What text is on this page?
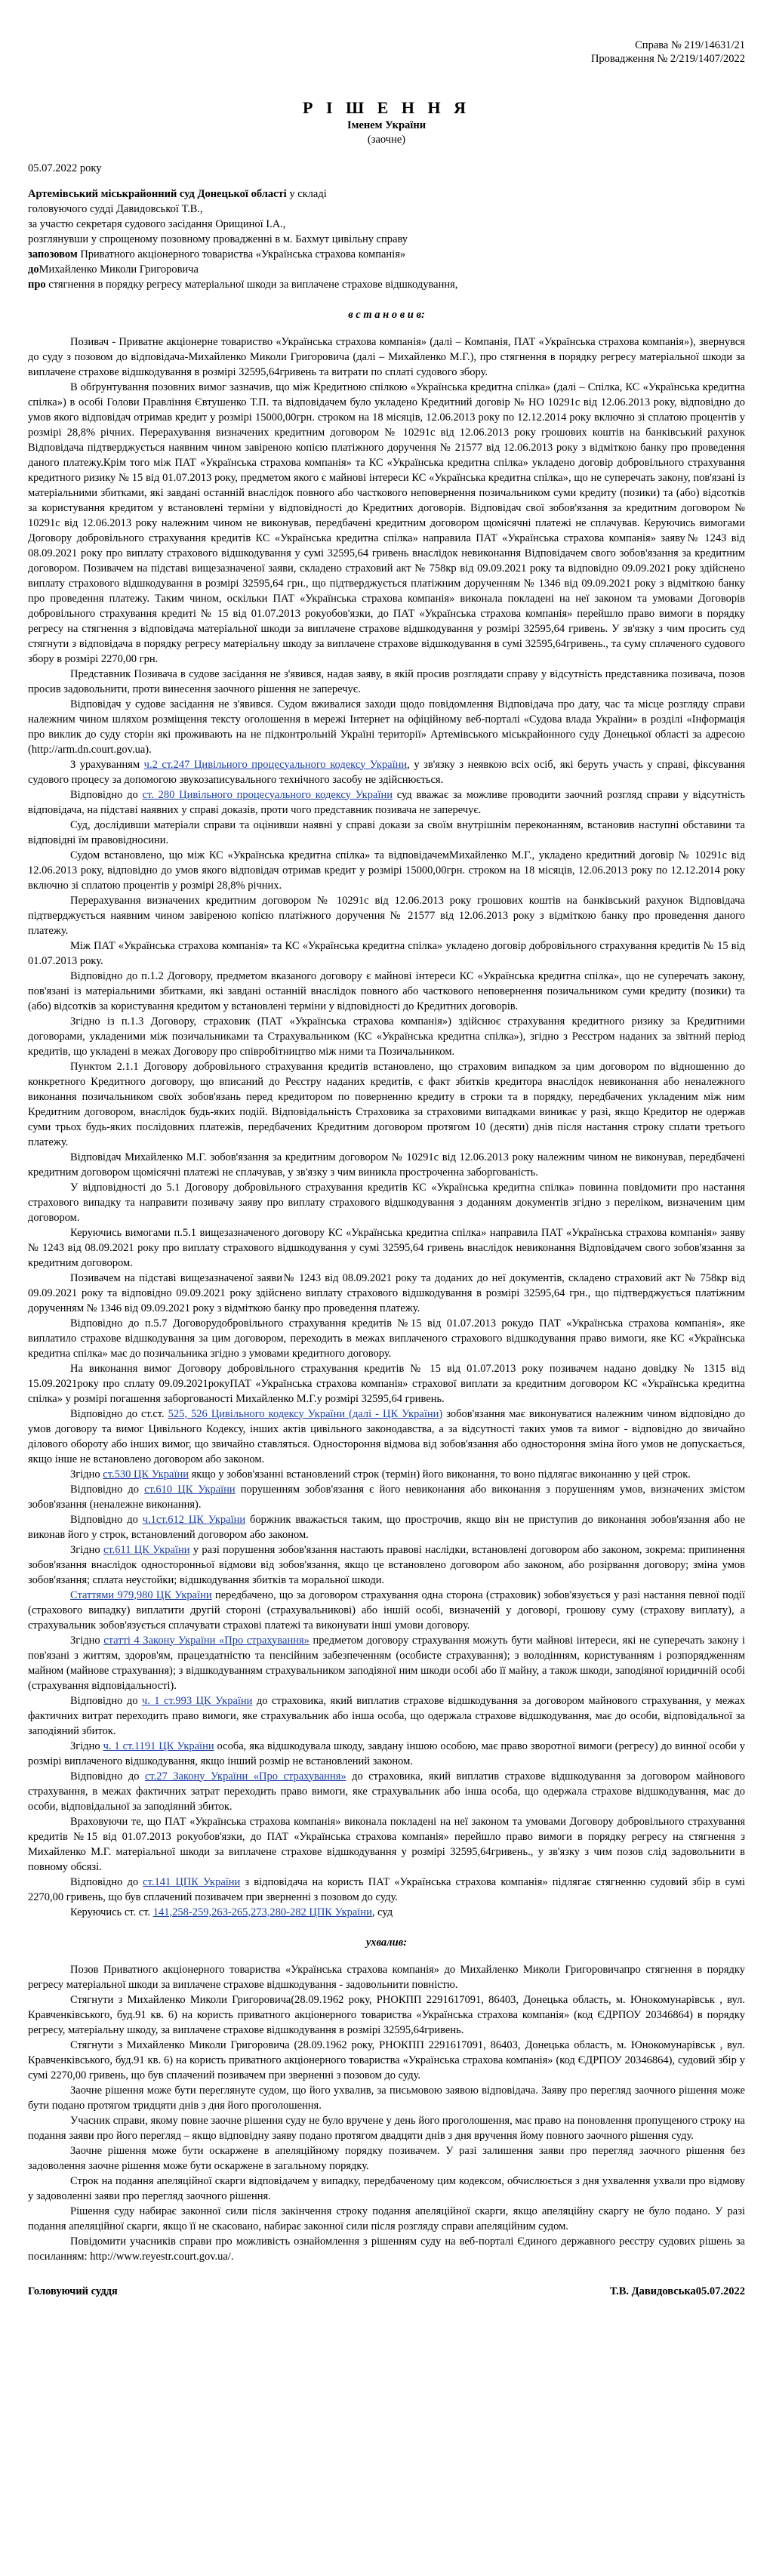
Справа № 219/14631/21
Провадження № 2/219/1407/2022
Р І Ш Е Н Н Я
Іменем України
(заочне)
05.07.2022 року

Артемівський міськрайонний суд Донецької області у складі

головуючого судді Давидовської Т.В.,

за участю секретаря судового засідання Орищиної І.А.,

розглянувши у спрощеному позовному провадженні в м. Бахмут цивільну справу

запозовом Приватного акціонерного товариства «Українська страхова компанія»

доМихайленко Миколи Григоровича

про стягнення в порядку регресу матеріальної шкоди за виплачене страхове відшкодування,

в с т а н о в и в:

Позивач - Приватне акціонерне товариство «Українська страхова компанія» (далі – Компанія, ПАТ «Українська страхова компанія»), звернувся до суду з позовом до відповідача-Михайленко Миколи Григоровича (далі – Михайленко М.Г.), про стягнення в порядку регресу матеріальної шкоди за виплачене страхове відшкодування в розмірі 32595,64гривень та витрати по сплаті судового збору.

В обґрунтування позовних вимог зазначив, що між Кредитною спілкою «Українська кредитна спілка» (далі – Спілка, КС «Українська кредитна спілка») в особі Голови Правління Євтушенко Т.П. та відповідачем було укладено Кредитний договір № НО 10291с від 12.06.2013 року, відповідно до умов якого відповідач отримав кредит у розмірі 15000,00грн. строком на 18 місяців, 12.06.2013 року по 12.12.2014 року включно зі сплатою процентів у розмірі 28,8% річних. Перерахування визначених кредитним договором № 10291с від 12.06.2013 року грошових коштів на банківський рахунок Відповідача підтверджується наявним чином завіреною копією платіжного доручення № 21577 від 12.06.2013 року з відміткою банку про проведення даного платежу.Крім того між ПАТ «Українська страхова компанія» та КС «Українська кредитна спілка» укладено договір добровільного страхування кредитного ризику № 15 від 01.07.2013 року, предметом якого є майнові інтереси КС «Українська кредитна спілка», що не суперечать закону, пов'язані із матеріальними збитками, які завдані останній внаслідок повного або часткового неповернення позичальником суми кредиту (позики) та (або) відсотків за користування кредитом у встановлені терміни у відповідності до Кредитних договорів. Відповідач свої зобов'язання за кредитним договором № 10291с від 12.06.2013 року належним чином не виконував, передбачені кредитним договором щомісячні платежі не сплачував. Керуючись вимогами Договору добровільного страхування кредитів КС «Українська кредитна спілка» направила ПАТ «Українська страхова компанія» заяву№ 1243 від 08.09.2021 року про виплату страхового відшкодування у сумі 32595,64 гривень внаслідок невиконання Відповідачем свого зобов'язання за кредитним договором. Позивачем на підставі вищезазначеної заяви, складено страховий акт № 758кр від 09.09.2021 року та відповідно 09.09.2021 року здійснено виплату страхового відшкодування в розмірі 32595,64 грн., що підтверджується платіжним дорученням № 1346 від 09.09.2021 року з відміткою банку про проведення платежу. Таким чином, оскільки ПАТ «Українська страхова компанія» виконала покладені на неї законом та умовами Договорів добровільного страхування кредиті № 15 від 01.07.2013 рокуобов'язки, до ПАТ «Українська страхова компанія» перейшло право вимоги в порядку регресу на стягнення з відповідача матеріальної шкоди за виплачене страхове відшкодування у розмірі 32595,64 гривень. У зв'язку з чим просить суд стягнути з відповідача в порядку регресу матеріальну шкоду за виплачене страхове відшкодування в сумі 32595,64гривень., та суму сплаченого судового збору в розмірі 2270,00 грн.

Представник Позивача в судове засідання не з'явився, надав заяву, в якій просив розглядати справу у відсутність представника позивача, позов просив задовольнити, проти винесення заочного рішення не заперечує.

Відповідач у судове засідання не з'явився. Судом вживалися заходи щодо повідомлення Відповідача про дату, час та місце розгляду справи належним чином шляхом розміщення тексту оголошення в мережі Інтернет на офіційному веб-порталі «Судова влада України» в розділі «Інформація про виклик до суду сторін які проживають на не підконтрольній Україні території» Артемівського міськрайонного суду Донецької області за адресою (http://arm.dn.court.gov.ua).

З урахуванням ч.2 ст.247 Цивільного процесуального кодексу України, у зв'язку з неявкою всіх осіб, які беруть участь у справі, фіксування судового процесу за допомогою звукозаписувального технічного засобу не здійснюється.

Відповідно до ст. 280 Цивільного процесуального кодексу України суд вважає за можливе проводити заочний розгляд справи у відсутність відповідача, на підставі наявних у справі доказів, проти чого представник позивача не заперечує.

Суд, дослідивши матеріали справи та оцінивши наявні у справі докази за своїм внутрішнім переконанням, встановив наступні обставини та відповідні їм правовідносини.

Судом встановлено, що між КС «Українська кредитна спілка» та відповідачемМихайленко М.Г., укладено кредитний договір № 10291с від 12.06.2013 року, відповідно до умов якого відповідач отримав кредит у розмірі 15000,00грн. строком на 18 місяців, 12.06.2013 року по 12.12.2014 року включно зі сплатою процентів у розмірі 28,8% річних.

Перерахування визначених кредитним договором № 10291с від 12.06.2013 року грошових коштів на банківський рахунок Відповідача підтверджується наявним чином завіреною копією платіжного доручення № 21577 від 12.06.2013 року з відміткою банку про проведення даного платежу.

Між ПАТ «Українська страхова компанія» та КС «Українська кредитна спілка» укладено договір добровільного страхування кредитів № 15 від 01.07.2013 року.

Відповідно до п.1.2 Договору, предметом вказаного договору є майнові інтереси КС «Українська кредитна спілка», що не суперечать закону, пов'язані із матеріальними збитками, які завдані останній внаслідок повного або часткового неповернення позичальником суми кредиту (позики) та (або) відсотків за користування кредитом у встановлені терміни у відповідності до Кредитних договорів.

Згідно із п.1.3 Договору, страховик (ПАТ «Українська страхова компанія») здійснює страхування кредитного ризику за Кредитними договорами, укладеними між позичальниками та Страхувальником (КС «Українська кредитна спілка»), згідно з Реєстром наданих за звітний період кредитів, що укладені в межах Договору про співробітництво між ними та Позичальником.

Пунктом 2.1.1 Договору добровільного страхування кредитів встановлено, що страховим випадком за цим договором по відношенню до конкретного Кредитного договору, що вписаний до Реєстру наданих кредитів, є факт збитків кредитора внаслідок невиконання або неналежного виконання позичальником своїх зобов'язань перед кредитором по поверненню кредиту в строки та в порядку, передбачених укладеним між ним Кредитним договором, внаслідок будь-яких подій. Відповідальність Страховика за страховими випадками виникає у разі, якщо Кредитор не одержав суми трьох будь-яких послідовних платежів, передбачених Кредитним договором протягом 10 (десяти) днів після настання строку сплати третього платежу.

Відповідач Михайленко М.Г. зобов'язання за кредитним договором № 10291с від 12.06.2013 року належним чином не виконував, передбачені кредитним договором щомісячні платежі не сплачував, у зв'язку з чим виникла простроченна заборгованість.

У відповідності до 5.1 Договору добровільного страхування кредитів КС «Українська кредитна спілка» повинна повідомити про настання страхового випадку та направити позивачу заяву про виплату страхового відшкодування з доданням документів згідно з переліком, визначеним цим договором.

Керуючись вимогами п.5.1 вищезазначеного договору КС «Українська кредитна спілка» направила ПАТ «Українська страхова компанія» заяву № 1243 від 08.09.2021 року про виплату страхового відшкодування у сумі 32595,64 гривень внаслідок невиконання Відповідачем свого зобов'язання за кредитним договором.

Позивачем на підставі вищезазначеної заяви№ 1243 від 08.09.2021 року та доданих до неї документів, складено страховий акт № 758кр від 09.09.2021 року та відповідно 09.09.2021 року здійснено виплату страхового відшкодування в розмірі 32595,64 грн., що підтверджується платіжним дорученням № 1346 від 09.09.2021 року з відміткою банку про проведення платежу.

Відповідно до п.5.7 Договорудобровільного страхування кредитів №15 від 01.07.2013 рокудо ПАТ «Українська страхова компанія», яке виплатило страхове відшкодування за цим договором, переходить в межах виплаченого страхового відшкодування право вимоги, яке КС «Українська кредитна спілка» має до позичальника згідно з умовами кредитного договору.

На виконання вимог Договору добровільного страхування кредитів № 15 від 01.07.2013 року позивачем надано довідку № 1315 від 15.09.2021року про сплату 09.09.2021рокуПАТ «Українська страхова компанія» страхової виплати за кредитним договором КС «Українська кредитна спілка» у розмірі погашення заборгованості Михайленко М.Г.у розмірі 32595,64 гривень.

Відповідно до ст.ст. 525, 526 Цивільного кодексу України (далі - ЦК України) зобов'язання має виконуватися належним чином відповідно до умов договору та вимог Цивільного Кодексу, інших актів цивільного законодавства, а за відсутності таких умов та вимог - відповідно до звичайно ділового обороту або інших вимог, що звичайно ставляться. Одностороння відмова від зобов'язання або одностороння зміна його умов не допускається, якщо інше не встановлено договором або законом.

Згідно ст.530 ЦК України якщо у зобов'язанні встановлений строк (термін) його виконання, то воно підлягає виконанню у цей строк.

Відповідно до ст.610 ЦК України порушенням зобов'язання є його невиконання або виконання з порушенням умов, визначених змістом зобов'язання (неналежне виконання).

Відповідно до ч.1ст.612 ЦК України боржник вважається таким, що прострочив, якщо він не приступив до виконання зобов'язання або не виконав його у строк, встановлений договором або законом.

Згідно ст.611 ЦК України у разі порушення зобов'язання настають правові наслідки, встановлені договором або законом, зокрема: припинення зобов'язання внаслідок односторонньої відмови від зобов'язання, якщо це встановлено договором або законом, або розірвання договору; зміна умов зобов'язання; сплата неустойки; відшкодування збитків та моральної шкоди.

Статтями 979,980 ЦК України передбачено, що за договором страхування одна сторона (страховик) зобов'язується у разі настання певної події (страхового випадку) виплатити другій стороні (страхувальникові) або іншій особі, визначеній у договорі, грошову суму (страхову виплату), а страхувальник зобов'язується сплачувати страхові платежі та виконувати інші умови договору.

Згідно статті 4 Закону України «Про страхування» предметом договору страхування можуть бути майнові інтереси, які не суперечать закону і пов'язані з життям, здоров'ям, працездатністю та пенсійним забезпеченням (особисте страхування); з володінням, користуванням і розпорядженням майном (майнове страхування); з відшкодуванням страхувальником заподіяної ним шкоди особі або її майну, а також шкоди, заподіяної юридичній особі (страхування відповідальності).

Відповідно до ч. 1 ст.993 ЦК України до страховика, який виплатив страхове відшкодування за договором майнового страхування, у межах фактичних витрат переходить право вимоги, яке страхувальник або інша особа, що одержала страхове відшкодування, має до особи, відповідальної за заподіяний збиток.

Згідно ч. 1 ст.1191 ЦК України особа, яка відшкодувала шкоду, завдану іншою особою, має право зворотної вимоги (регресу) до винної особи у розмірі виплаченого відшкодування, якщо інший розмір не встановлений законом.

Відповідно до ст.27 Закону України «Про страхування» до страховика, який виплатив страхове відшкодування за договором майнового страхування, в межах фактичних затрат переходить право вимоги, яке страхувальник або інша особа, що одержала страхове відшкодування, має до особи, відповідальної за заподіяний збиток.

Враховуючи те, що ПАТ «Українська страхова компанія» виконала покладені на неї законом та умовами Договору добровільного страхування кредитів №15 від 01.07.2013 рокуобов'язки, до ПАТ «Українська страхова компанія» перейшло право вимоги в порядку регресу на стягнення з Михайленко М.Г. матеріальної шкоди за виплачене страхове відшкодування у розмірі 32595,64гривень., у зв'язку з чим позов слід задовольнити в повному обсязі.

Відповідно до ст.141 ЦПК України з відповідача на користь ПАТ «Українська страхова компанія» підлягає стягненню судовий збір в сумі 2270,00 гривень, що був сплачений позивачем при зверненні з позовом до суду.

Керуючись ст. ст. 141,258-259,263-265,273,280-282 ЦПК України, суд

ухвалив:

Позов Приватного акціонерного товариства «Українська страхова компанія» до Михайленко Миколи Григоровичапро стягнення в порядку регресу матеріальної шкоди за виплачене страхове відшкодування - задовольнити повністю.

Стягнути з Михайленко Миколи Григоровича(28.09.1962 року, РНОКПП 2291617091, 86403, Донецька область, м. Юнокомунарівськ , вул. Кравченківського, буд.91 кв. 6) на користь приватного акціонерного товариства «Українська страхова компанія» (код ЄДРПОУ 20346864) в порядку регресу, матеріальну шкоду, за виплачене страхове відшкодування в розмірі 32595,64гривень.

Стягнути з Михайленко Миколи Григоровича (28.09.1962 року, РНОКПП 2291617091, 86403, Донецька область, м. Юнокомунарівськ , вул. Кравченківського, буд.91 кв. 6) на користь приватного акціонерного товариства «Українська страхова компанія» (код ЄДРПОУ 20346864), судовий збір у сумі 2270,00 гривень, що був сплачений позивачем при зверненні з позовом до суду.

Заочне рішення може бути переглянуте судом, що його ухвалив, за письмовою заявою відповідача. Заяву про перегляд заочного рішення може бути подано протягом тридцяти днів з дня його проголошення.

Учасник справи, якому повне заочне рішення суду не було вручене у день його проголошення, має право на поновлення пропущеного строку на подання заяви про його перегляд – якщо відповідну заяву подано протягом двадцяти днів з дня вручення йому повного заочного рішення суду.

Заочне рішення може бути оскаржене в апеляційному порядку позивачем. У разі залишення заяви про перегляд заочного рішення без задоволення заочне рішення може бути оскаржене в загальному порядку.

Строк на подання апеляційної скарги відповідачем у випадку, передбаченому цим кодексом, обчислюється з дня ухвалення ухвали про відмову у задоволенні заяви про перегляд заочного рішення.

Рішення суду набирає законної сили після закінчення строку подання апеляційної скарги, якщо апеляційну скаргу не було подано. У разі подання апеляційної скарги, якщо її не скасовано, набирає законної сили після розгляду справи апеляційним судом.

Повідомити учасників справи про можливість ознайомлення з рішенням суду на веб-порталі Єдиного державного реєстру судових рішень за посиланням: http://www.reyestr.court.gov.ua/.

Головуючий суддя	Т.В. Давидовська05.07.2022
